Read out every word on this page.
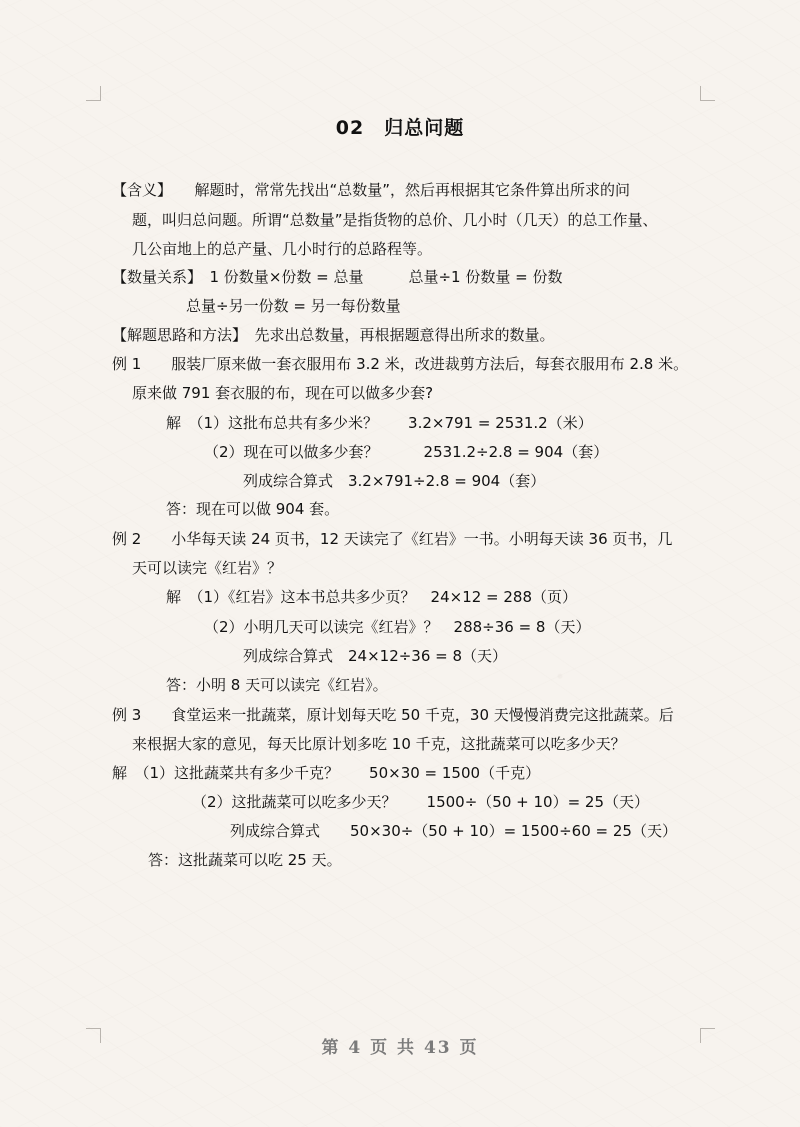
02　归总问题
【含义】　　解题时，常常先找出“总数量”，然后再根据其它条件算出所求的问
题，叫归总问题。所谓“总数量”是指货物的总价、几小时（几天）的总工作量、
几公亩地上的总产量、几小时行的总路程等。
【数量关系】　1 份数量×份数 = 总量　　　总量÷1 份数量 = 份数
总量÷另一份数 = 另一每份数量
【解题思路和方法】　先求出总数量，再根据题意得出所求的数量。
例 1　　服装厂原来做一套衣服用布 3.2 米，改进裁剪方法后，每套衣服用布 2.8 米。
原来做 791 套衣服的布，现在可以做多少套?
解　（1）这批布总共有多少米？　　3.2×791 = 2531.2（米）
（2）现在可以做多少套？　　　2531.2÷2.8 = 904（套）
列成综合算式　3.2×791÷2.8 = 904（套）
答：现在可以做 904 套。
例 2　　小华每天读 24 页书，12 天读完了《红岩》一书。小明每天读 36 页书，几
天可以读完《红岩》？
解　（1）《红岩》这本书总共多少页？　24×12 = 288（页）
（2）小明几天可以读完《红岩》？　288÷36 = 8（天）
列成综合算式　24×12÷36 = 8（天）
答：小明 8 天可以读完《红岩》。
例 3　　食堂运来一批蔬菜，原计划每天吃 50 千克，30 天慢慢消费完这批蔬菜。后
来根据大家的意见，每天比原计划多吃 10 千克，这批蔬菜可以吃多少天？
解　（1）这批蔬菜共有多少千克？　　50×30 = 1500（千克）
（2）这批蔬菜可以吃多少天？　　1500÷（50 + 10）= 25（天）
列成综合算式　　50×30÷（50 + 10）= 1500÷60 = 25（天）
答：这批蔬菜可以吃 25 天。
第 4 页 共 43 页
